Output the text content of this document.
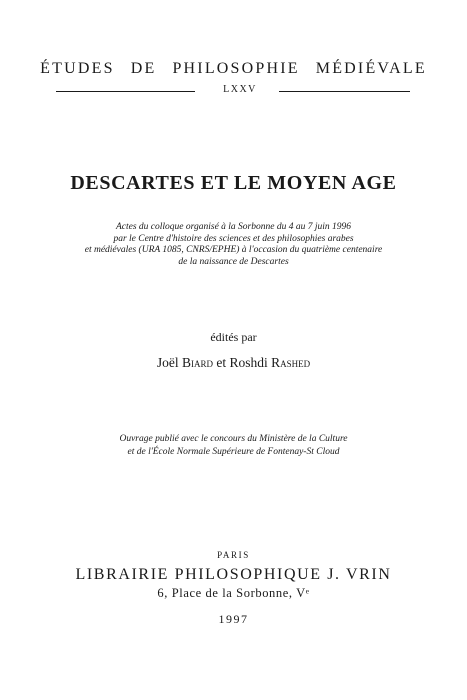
ÉTUDES DE PHILOSOPHIE MÉDIÉVALE
LXXV
DESCARTES ET LE MOYEN AGE
Actes du colloque organisé à la Sorbonne du 4 au 7 juin 1996
par le Centre d'histoire des sciences et des philosophies arabes
et médiévales (URA 1085, CNRS/EPHE) à l'occasion du quatrième centenaire
de la naissance de Descartes
édités par
Joël Biard et Roshdi Rashed
Ouvrage publié avec le concours du Ministère de la Culture
et de l'École Normale Supérieure de Fontenay-St Cloud
PARIS
LIBRAIRIE PHILOSOPHIQUE J. VRIN
6, Place de la Sorbonne, Vᵉ
1997
